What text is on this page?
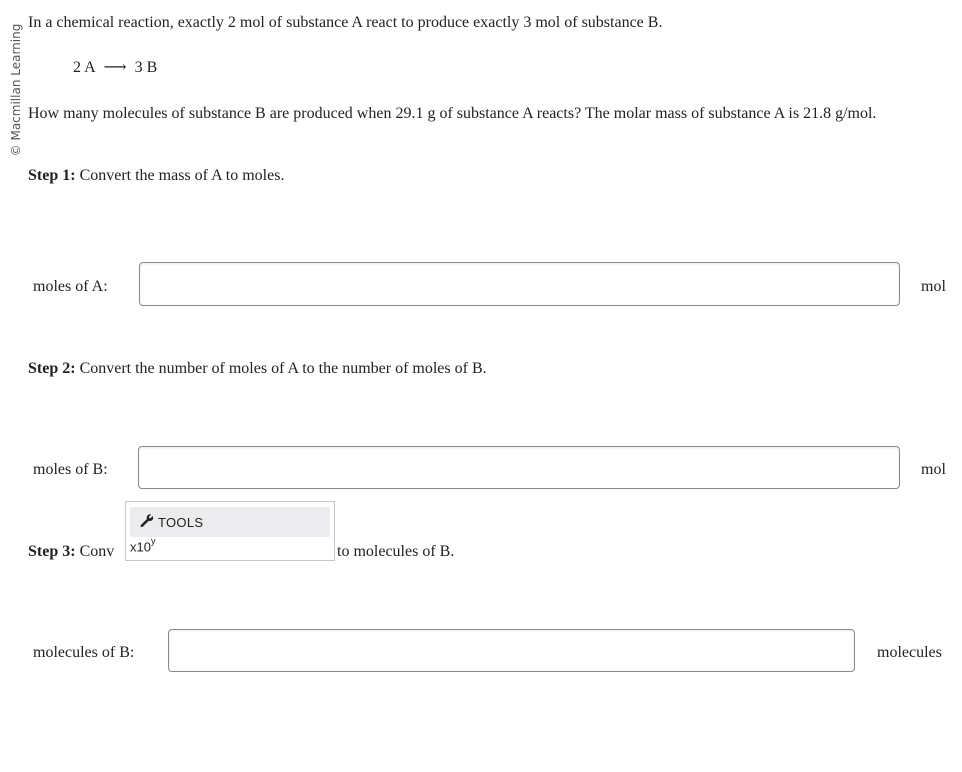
© Macmillan Learning
In a chemical reaction, exactly 2 mol of substance A react to produce exactly 3 mol of substance B.
2 A ⟶ 3 B
How many molecules of substance B are produced when 29.1 g of substance A reacts? The molar mass of substance A is 21.8 g/mol.
Step 1: Convert the mass of A to moles.
moles of A:	mol
Step 2: Convert the number of moles of A to the number of moles of B.
moles of B:	mol
Step 3: Conv	to molecules of B.
TOOLS
x10$^y$
molecules of B:	molecules
